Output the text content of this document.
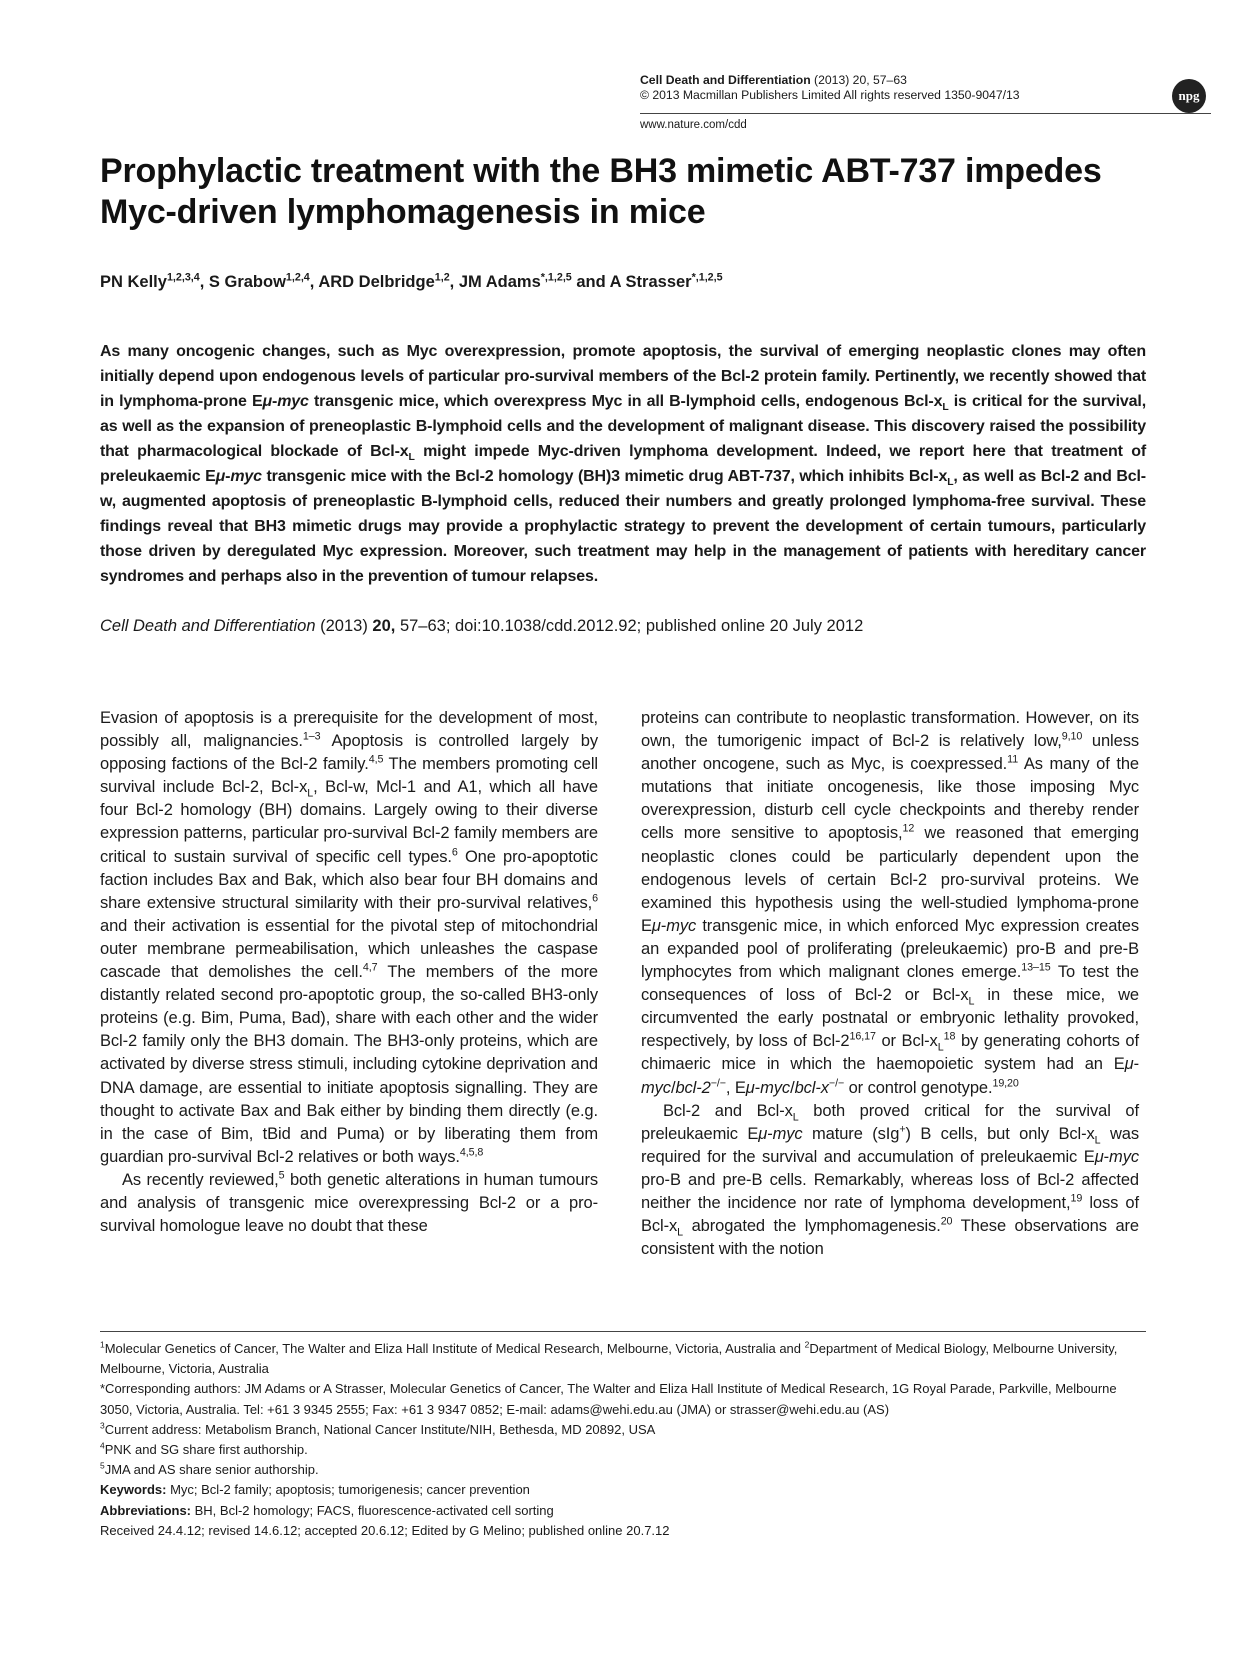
Cell Death and Differentiation (2013) 20, 57–63
© 2013 Macmillan Publishers Limited All rights reserved 1350-9047/13	npg
www.nature.com/cdd
Prophylactic treatment with the BH3 mimetic ABT-737 impedes Myc-driven lymphomagenesis in mice
PN Kelly$^{1,2,3,4}$, S Grabow$^{1,2,4}$, ARD Delbridge$^{1,2}$, JM Adams$^{*,1,2,5}$ and A Strasser$^{*,1,2,5}$
As many oncogenic changes, such as Myc overexpression, promote apoptosis, the survival of emerging neoplastic clones may often initially depend upon endogenous levels of particular pro-survival members of the Bcl-2 protein family. Pertinently, we recently showed that in lymphoma-prone Eμ-myc transgenic mice, which overexpress Myc in all B-lymphoid cells, endogenous Bcl-$x_L$ is critical for the survival, as well as the expansion of preneoplastic B-lymphoid cells and the development of malignant disease. This discovery raised the possibility that pharmacological blockade of Bcl-$x_L$ might impede Myc-driven lymphoma development. Indeed, we report here that treatment of preleukaemic Eμ-myc transgenic mice with the Bcl-2 homology (BH)3 mimetic drug ABT-737, which inhibits Bcl-$x_L$, as well as Bcl-2 and Bcl-w, augmented apoptosis of preneoplastic B-lymphoid cells, reduced their numbers and greatly prolonged lymphoma-free survival. These findings reveal that BH3 mimetic drugs may provide a prophylactic strategy to prevent the development of certain tumours, particularly those driven by deregulated Myc expression. Moreover, such treatment may help in the management of patients with hereditary cancer syndromes and perhaps also in the prevention of tumour relapses.
Cell Death and Differentiation (2013) 20, 57–63; doi:10.1038/cdd.2012.92; published online 20 July 2012

Evasion of apoptosis is a prerequisite for the development of most, possibly all, malignancies.$^{1-3}$ Apoptosis is controlled largely by opposing factions of the Bcl-2 family.$^{4,5}$ The members promoting cell survival include Bcl-2, Bcl-$x_L$, Bcl-w, Mcl-1 and A1, which all have four Bcl-2 homology (BH) domains. Largely owing to their diverse expression patterns, particular pro-survival Bcl-2 family members are critical to sustain survival of specific cell types.$^6$ One pro-apoptotic faction includes Bax and Bak, which also bear four BH domains and share extensive structural similarity with their pro-survival relatives,$^6$ and their activation is essential for the pivotal step of mitochondrial outer membrane permeabilisation, which unleashes the caspase cascade that demolishes the cell.$^{4,7}$ The members of the more distantly related second pro-apoptotic group, the so-called BH3-only proteins (e.g. Bim, Puma, Bad), share with each other and the wider Bcl-2 family only the BH3 domain. The BH3-only proteins, which are activated by diverse stress stimuli, including cytokine deprivation and DNA damage, are essential to initiate apoptosis signalling. They are thought to activate Bax and Bak either by binding them directly (e.g. in the case of Bim, tBid and Puma) or by liberating them from guardian pro-survival Bcl-2 relatives or both ways.$^{4,5,8}$

As recently reviewed,$^5$ both genetic alterations in human tumours and analysis of transgenic mice overexpressing Bcl-2 or a pro-survival homologue leave no doubt that these

proteins can contribute to neoplastic transformation. However, on its own, the tumorigenic impact of Bcl-2 is relatively low,$^{9,10}$ unless another oncogene, such as Myc, is coexpressed.$^{11}$ As many of the mutations that initiate oncogenesis, like those imposing Myc overexpression, disturb cell cycle checkpoints and thereby render cells more sensitive to apoptosis,$^{12}$ we reasoned that emerging neoplastic clones could be particularly dependent upon the endogenous levels of certain Bcl-2 pro-survival proteins. We examined this hypothesis using the well-studied lymphoma-prone Eμ-myc transgenic mice, in which enforced Myc expression creates an expanded pool of proliferating (preleukaemic) pro-B and pre-B lymphocytes from which malignant clones emerge.$^{13-15}$ To test the consequences of loss of Bcl-2 or Bcl-$x_L$ in these mice, we circumvented the early postnatal or embryonic lethality provoked, respectively, by loss of Bcl-2$^{16,17}$ or Bcl-$x_L^{18}$ by generating cohorts of chimaeric mice in which the haemopoietic system had an Eμ-myc/bcl-2−/−, Eμ-myc/bcl-x−/− or control genotype.$^{19,20}$

Bcl-2 and Bcl-$x_L$ both proved critical for the survival of preleukaemic Eμ-myc mature (sIg+) B cells, but only Bcl-$x_L$ was required for the survival and accumulation of preleukaemic Eμ-myc pro-B and pre-B cells. Remarkably, whereas loss of Bcl-2 affected neither the incidence nor rate of lymphoma development,$^{19}$ loss of Bcl-$x_L$ abrogated the lymphomagenesis.$^{20}$ These observations are consistent with the notion

$^1$Molecular Genetics of Cancer, The Walter and Eliza Hall Institute of Medical Research, Melbourne, Victoria, Australia and $^2$Department of Medical Biology, Melbourne University, Melbourne, Victoria, Australia
*Corresponding authors: JM Adams or A Strasser, Molecular Genetics of Cancer, The Walter and Eliza Hall Institute of Medical Research, 1G Royal Parade, Parkville, Melbourne 3050, Victoria, Australia. Tel: +61 3 9345 2555; Fax: +61 3 9347 0852; E-mail: adams@wehi.edu.au (JMA) or strasser@wehi.edu.au (AS)
$^3$Current address: Metabolism Branch, National Cancer Institute/NIH, Bethesda, MD 20892, USA
$^4$PNK and SG share first authorship.
$^5$JMA and AS share senior authorship.
Keywords: Myc; Bcl-2 family; apoptosis; tumorigenesis; cancer prevention
Abbreviations: BH, Bcl-2 homology; FACS, fluorescence-activated cell sorting
Received 24.4.12; revised 14.6.12; accepted 20.6.12; Edited by G Melino; published online 20.7.12
